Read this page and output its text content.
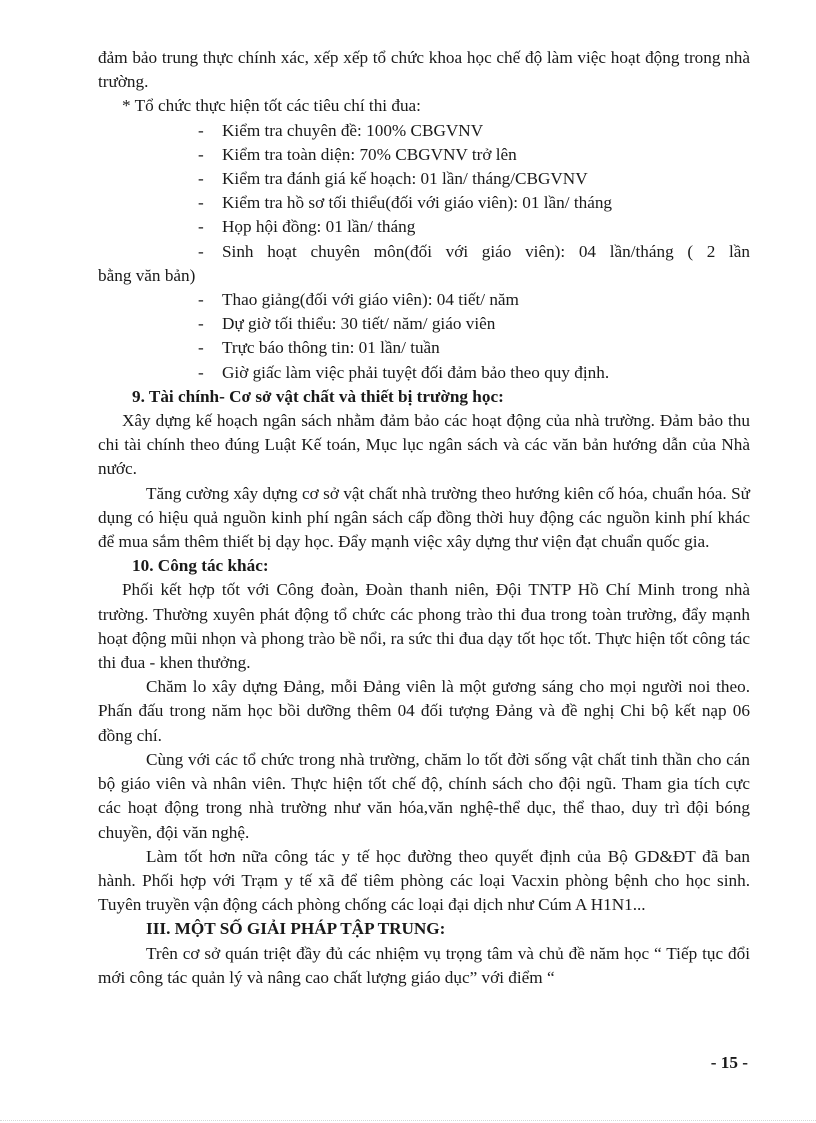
đảm bảo trung thực chính xác, xếp xếp tổ chức khoa học chế độ làm việc hoạt động trong nhà trường.

* Tổ chức thực hiện tốt các tiêu chí thi đua:

-	Kiểm tra chuyên đề: 100% CBGVNV
-	Kiểm tra toàn diện: 70% CBGVNV trở lên
-	Kiểm tra đánh giá kế hoạch: 01 lần/ tháng/CBGVNV
-	Kiểm tra hồ sơ tối thiểu(đối với giáo viên): 01 lần/ tháng
-	Họp hội đồng: 01 lần/ tháng
-	Sinh hoạt chuyên môn(đối với giáo viên): 04 lần/tháng ( 2 lần

bằng văn bản)

-	Thao giảng(đối với giáo viên): 04 tiết/ năm
-	Dự giờ tối thiểu: 30 tiết/ năm/ giáo viên
-	Trực báo thông tin: 01 lần/ tuần
-	Giờ giấc làm việc phải tuyệt đối đảm bảo theo quy định.

9. Tài chính- Cơ sở vật chất và thiết bị trường học:

Xây dựng kế hoạch ngân sách nhằm đảm bảo các hoạt động của nhà trường. Đảm bảo thu chi tài chính theo đúng Luật Kế toán, Mục lục ngân sách và các văn bản hướng dẫn của Nhà nước.

Tăng cường xây dựng cơ sở vật chất nhà trường theo hướng kiên cố hóa, chuẩn hóa. Sử dụng có hiệu quả nguồn kinh phí ngân sách cấp đồng thời huy động các nguồn kinh phí khác để mua sắm thêm thiết bị dạy học. Đẩy mạnh việc xây dựng thư viện đạt chuẩn quốc gia.

10. Công tác khác:

Phối kết hợp tốt với Công đoàn, Đoàn thanh niên, Đội TNTP Hồ Chí Minh trong nhà trường. Thường xuyên phát động tổ chức các phong trào thi đua trong toàn trường, đẩy mạnh hoạt động mũi nhọn và phong trào bề nổi, ra sức thi đua dạy tốt học tốt. Thực hiện tốt công tác thi đua - khen thưởng.

Chăm lo xây dựng Đảng, mỗi Đảng viên là một gương sáng cho mọi người noi theo. Phấn đấu trong năm học bồi dưỡng thêm 04 đối tượng Đảng và đề nghị Chi bộ kết nạp 06 đồng chí.

Cùng với các tổ chức trong nhà trường, chăm lo tốt đời sống vật chất tinh thần cho cán bộ giáo viên và nhân viên. Thực hiện tốt chế độ, chính sách cho đội ngũ. Tham gia tích cực các hoạt động trong nhà trường như văn hóa,văn nghệ-thể dục, thể thao, duy trì đội bóng chuyền, đội văn nghệ.

Làm tốt hơn nữa công tác y tế học đường theo quyết định của Bộ GD&ĐT đã ban hành. Phối hợp với Trạm y tế xã để tiêm phòng các loại Vacxin phòng bệnh cho học sinh. Tuyên truyền vận động cách phòng chống các loại đại dịch như Cúm A H1N1...

III. MỘT SỐ GIẢI PHÁP TẬP TRUNG:

Trên cơ sở quán triệt đầy đủ các nhiệm vụ trọng tâm và chủ đề năm học “ Tiếp tục đổi mới công tác quản lý và nâng cao chất lượng giáo dục” với điểm “

- 15 -
